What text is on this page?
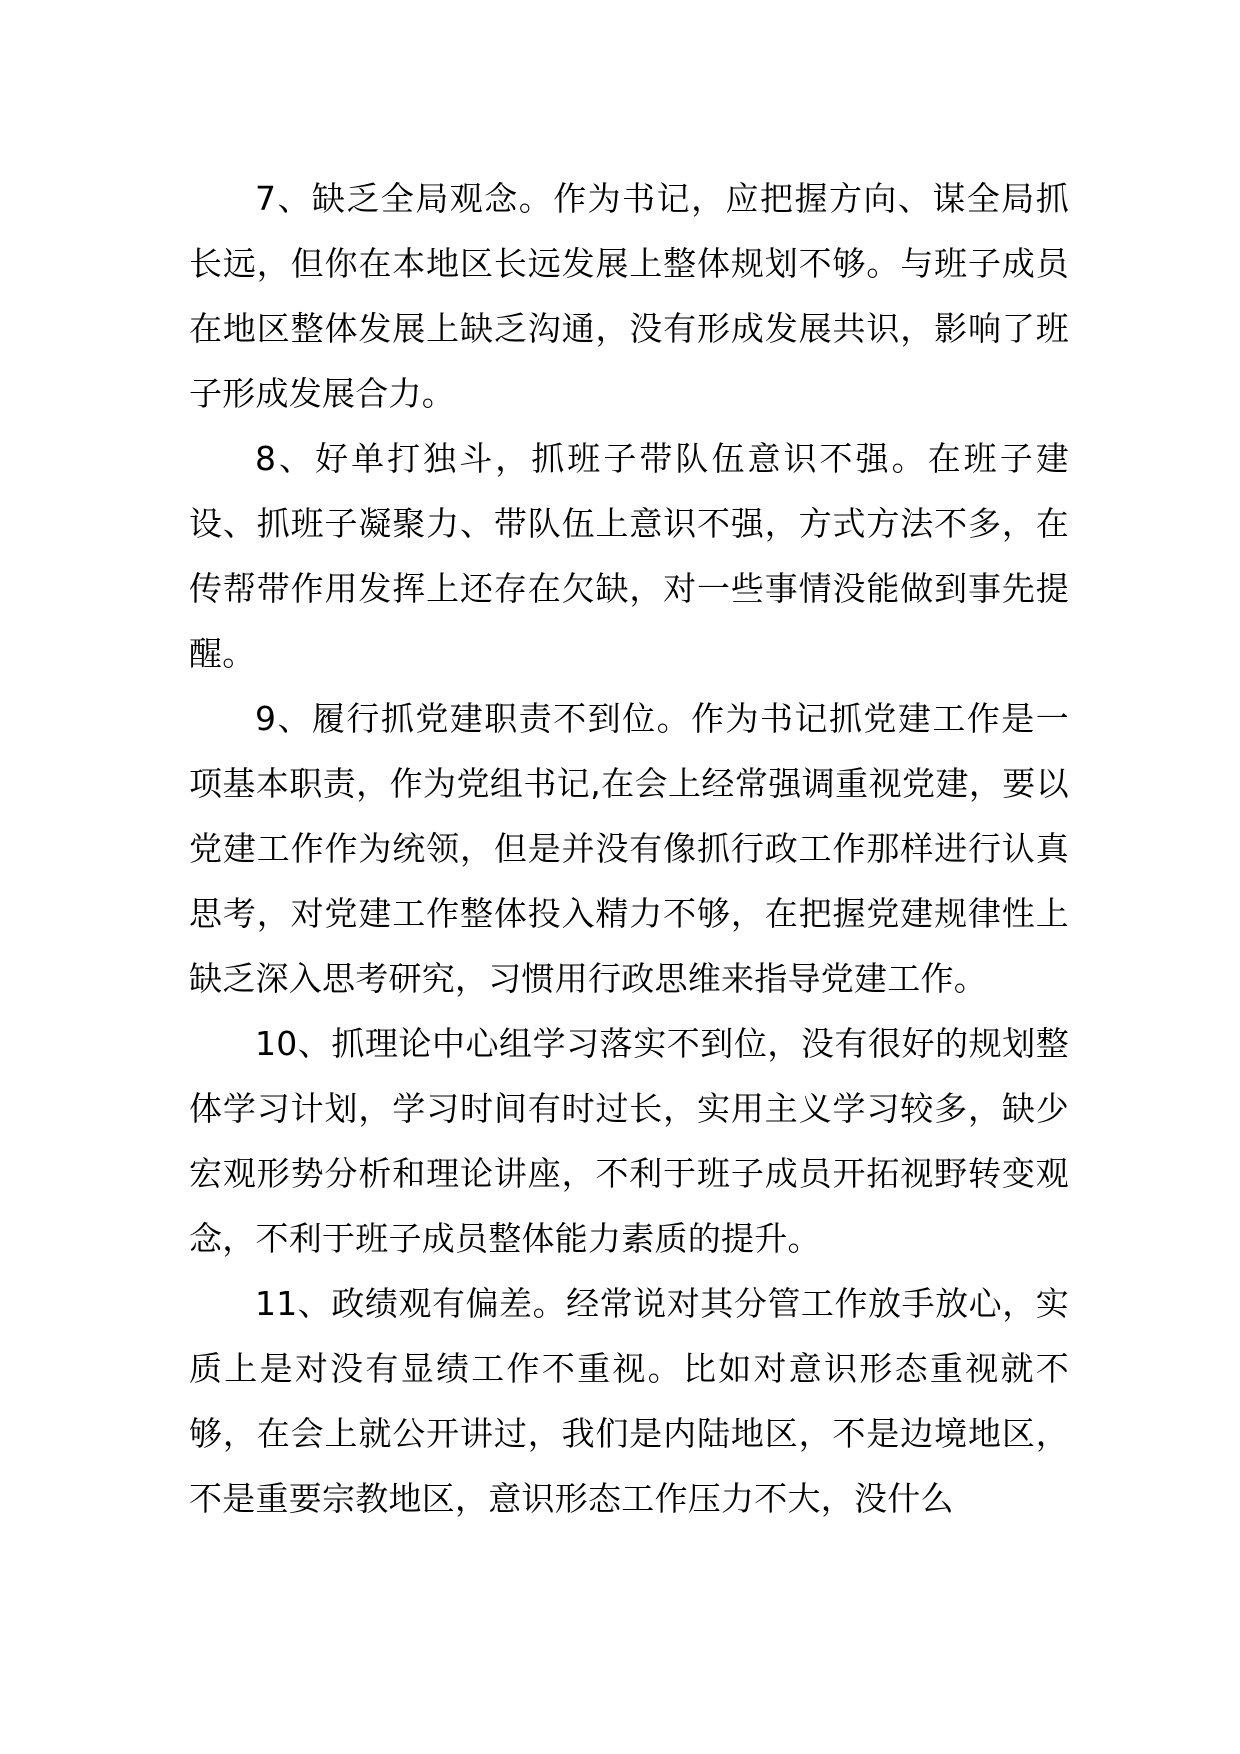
7、缺乏全局观念。作为书记，应把握方向、谋全局抓长远，但你在本地区长远发展上整体规划不够。与班子成员在地区整体发展上缺乏沟通，没有形成发展共识，影响了班子形成发展合力。

8、好单打独斗，抓班子带队伍意识不强。在班子建设、抓班子凝聚力、带队伍上意识不强，方式方法不多，在传帮带作用发挥上还存在欠缺，对一些事情没能做到事先提醒。

9、履行抓党建职责不到位。作为书记抓党建工作是一项基本职责，作为党组书记,在会上经常强调重视党建，要以党建工作作为统领，但是并没有像抓行政工作那样进行认真思考，对党建工作整体投入精力不够，在把握党建规律性上缺乏深入思考研究，习惯用行政思维来指导党建工作。

10、抓理论中心组学习落实不到位，没有很好的规划整体学习计划，学习时间有时过长，实用主义学习较多，缺少宏观形势分析和理论讲座，不利于班子成员开拓视野转变观念，不利于班子成员整体能力素质的提升。

11、政绩观有偏差。经常说对其分管工作放手放心，实质上是对没有显绩工作不重视。比如对意识形态重视就不够，在会上就公开讲过，我们是内陆地区，不是边境地区，不是重要宗教地区，意识形态工作压力不大，没什么
